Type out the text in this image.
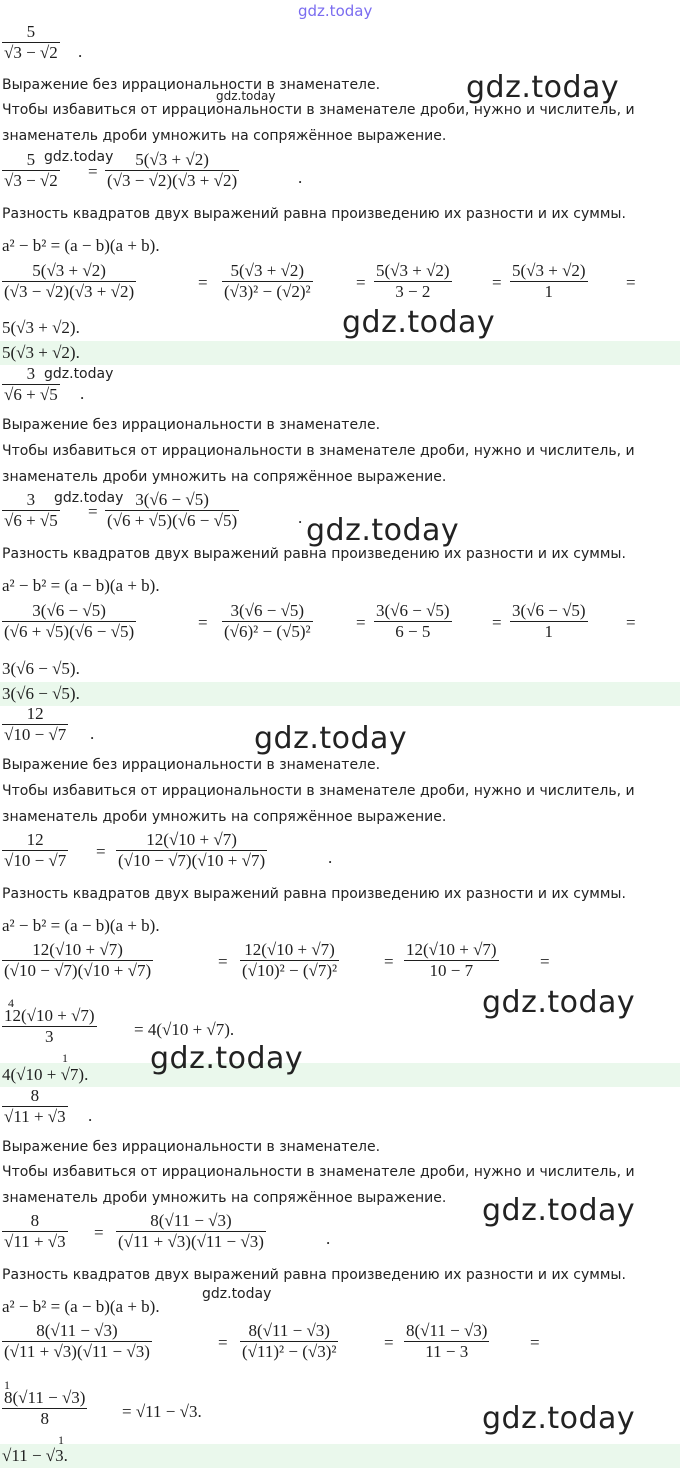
gdz.today
gdz.today
gdz.today
gdz.today
gdz.today
gdz.today
gdz.today
gdz.today
gdz.today
gdz.today
gdz.today
gdz.today
gdz.today
gdz.today
$\frac{5}{√3 - √2}$ .
Выражение без иррациональности в знаменателе.
Чтобы избавиться от иррациональности в знаменателе дроби, нужно и числитель, и
знаменатель дроби умножить на сопряжённое выражение.
$\frac{5}{√3 - √2} = \frac{5(√3 + √2)}{(√3 - √2)(√3 + √2)}$	.
Разность квадратов двух выражений равна произведению их разности и их суммы.
a² − b² = (a − b)(a + b).
$\frac{5(√3 + √2)}{(√3 - √2)(√3 + √2)}$	= $\frac{5(√3 + √2)}{\text{(√3)² − (√2)²}}$	= $\frac{5(√3 + √2)}{3 - 2} = \frac{5(√3 + √2)}{1}$ =
5(√3 + √2).
5(√3 + √2).
$\frac{3}{√6 + √5}$ .
Выражение без иррациональности в знаменателе.
Чтобы избавиться от иррациональности в знаменателе дроби, нужно и числитель, и
знаменатель дроби умножить на сопряжённое выражение.
$\frac{3}{√6 + √5} = \frac{3(√6 - √5)}{(√6 + √5)(√6 - √5)}$	.
Разность квадратов двух выражений равна произведению их разности и их суммы.
a² − b² = (a − b)(a + b).
$\frac{3(√6 - √5)}{(√6 + √5)(√6 - √5)}$	= $\frac{3(√6 - √5)}{\text{(√6)² − (√5)²}}$	= $\frac{3(√6 - √5)}{6 - 5} = \frac{3(√6 - √5)}{1}$ =
3(√6 − √5).
3(√6 − √5).
$\frac{12}{√10 - √7}$ .
Выражение без иррациональности в знаменателе.
Чтобы избавиться от иррациональности в знаменателе дроби, нужно и числитель, и
знаменатель дроби умножить на сопряжённое выражение.
$\frac{12}{√10 - √7} = \frac{12(√10 + √7)}{(√10 - √7)(√10 + √7)}$	.
Разность квадратов двух выражений равна произведению их разности и их суммы.
a² − b² = (a − b)(a + b).
$\frac{12(√10 + √7)}{(√10 - √7)(√10 + √7)}$	= $\frac{12(√10 + √7)}{\text{(√10)² − (√7)²}}$	= $\frac{12(√10 + √7)}{10 - 7}$ =
4
$\frac{12(√10 + √7)}{3}$
1
= 4(√10 + √7).
4(√10 + √7).
$\frac{8}{√11 + √3}$ .
Выражение без иррациональности в знаменателе.
Чтобы избавиться от иррациональности в знаменателе дроби, нужно и числитель, и
знаменатель дроби умножить на сопряжённое выражение.
$\frac{8}{√11 + √3} = \frac{8(√11 - √3)}{(√11 + √3)(√11 - √3)}$	.
Разность квадратов двух выражений равна произведению их разности и их суммы.
a² − b² = (a − b)(a + b).
$\frac{8(√11 - √3)}{(√11 + √3)(√11 - √3)}$	= $\frac{8(√11 - √3)}{\text{(√11)² − (√3)²}}$	= $\frac{8(√11 - √3)}{11 - 3}$ =
1
$\frac{8(√11 - √3)}{8}$
1
= √11 − √3.
√11 − √3.
